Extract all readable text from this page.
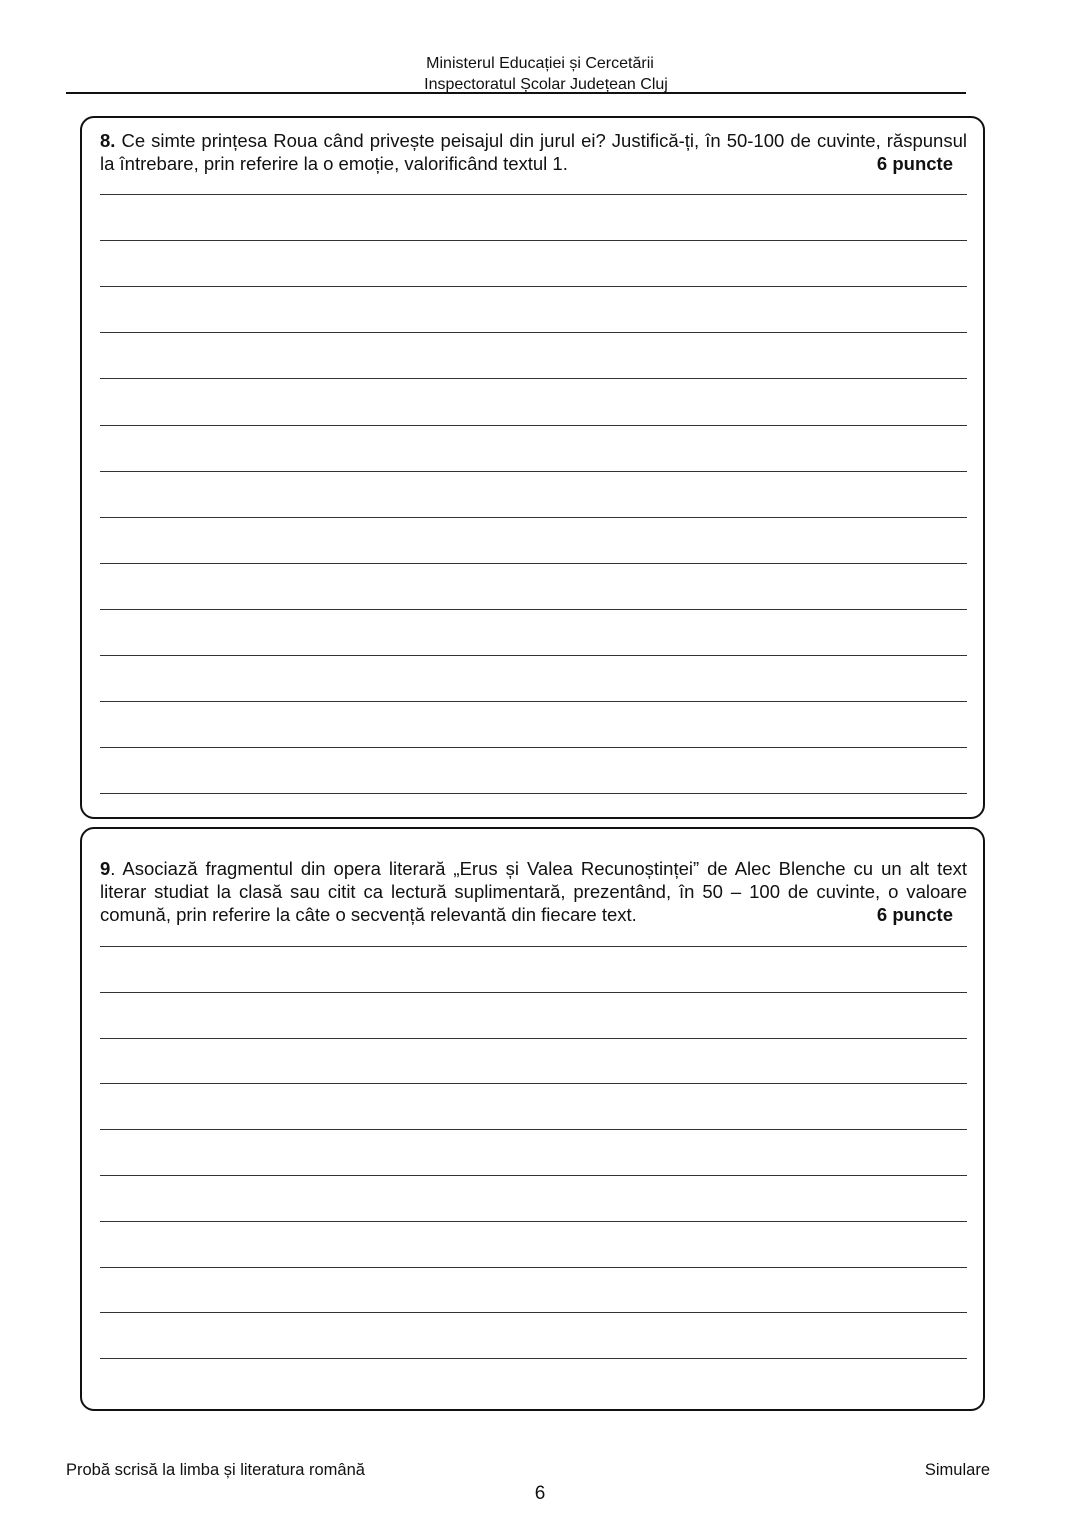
Ministerul Educației și Cercetării
Inspectoratul Școlar Județean Cluj
8. Ce simte prințesa Roua când privește peisajul din jurul ei? Justifică-ți, în 50-100 de cuvinte, răspunsul la întrebare, prin referire la o emoție, valorificând textul 1.	6 puncte
9. Asociază fragmentul din opera literară „Erus și Valea Recunoștinței” de Alec Blenche cu un alt text literar studiat la clasă sau citit ca lectură suplimentară, prezentând, în 50 – 100 de cuvinte, o valoare comună, prin referire la câte o secvență relevantă din fiecare text.	6 puncte
Probă scrisă la limba și literatura română	Simulare
6
